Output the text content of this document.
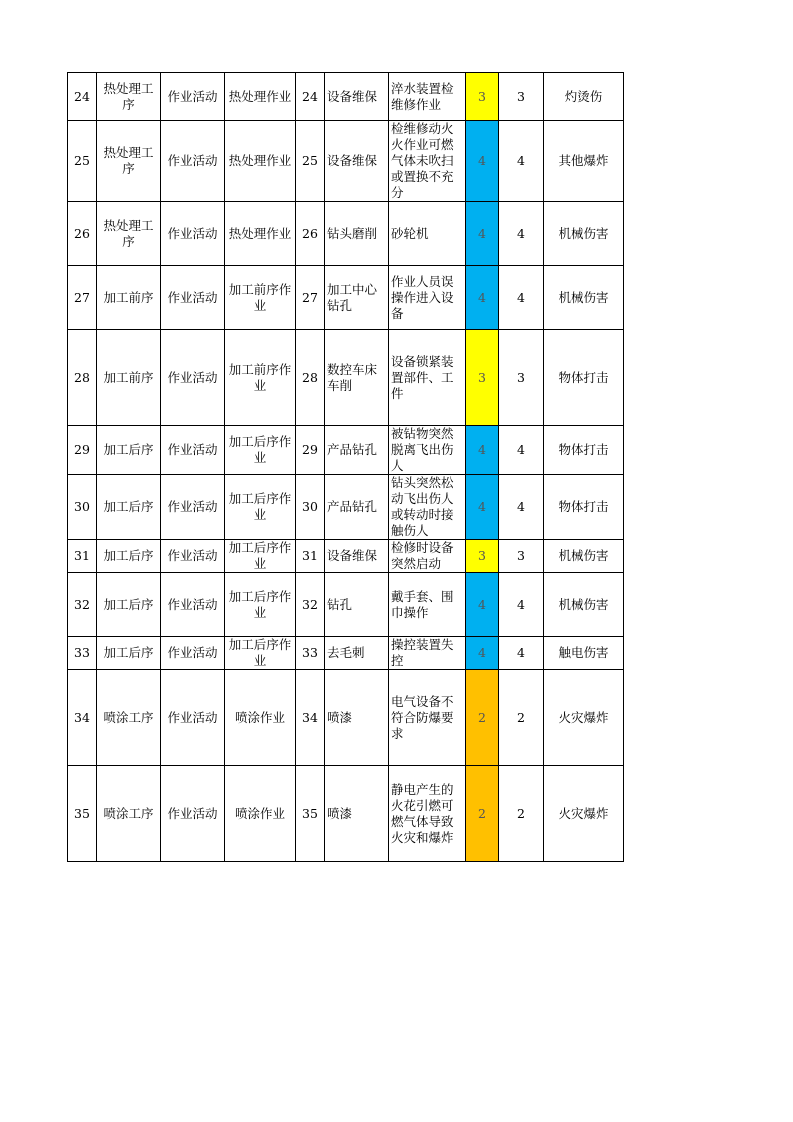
24	热处理工序	作业活动	热处理作业	24	设备维保	淬水装置检维修作业	3	3	灼烫伤
25	热处理工序	作业活动	热处理作业	25	设备维保	检维修动火火作业可燃气体未吹扫或置换不充分	4	4	其他爆炸
26	热处理工序	作业活动	热处理作业	26	钻头磨削	砂轮机	4	4	机械伤害
27	加工前序	作业活动	加工前序作业	27	加工中心钻孔	作业人员误操作进入设备	4	4	机械伤害
28	加工前序	作业活动	加工前序作业	28	数控车床车削	设备锁紧装置部件、工件	3	3	物体打击
29	加工后序	作业活动	加工后序作业	29	产品钻孔	被钻物突然脱离飞出伤人	4	4	物体打击
30	加工后序	作业活动	加工后序作业	30	产品钻孔	钻头突然松动飞出伤人或转动时接触伤人	4	4	物体打击
31	加工后序	作业活动	加工后序作业	31	设备维保	检修时设备突然启动	3	3	机械伤害
32	加工后序	作业活动	加工后序作业	32	钻孔	戴手套、围巾操作	4	4	机械伤害
33	加工后序	作业活动	加工后序作业	33	去毛刺	操控装置失控	4	4	触电伤害
34	喷涂工序	作业活动	喷涂作业	34	喷漆	电气设备不符合防爆要求	2	2	火灾爆炸
35	喷涂工序	作业活动	喷涂作业	35	喷漆	静电产生的火花引燃可燃气体导致火灾和爆炸	2	2	火灾爆炸
